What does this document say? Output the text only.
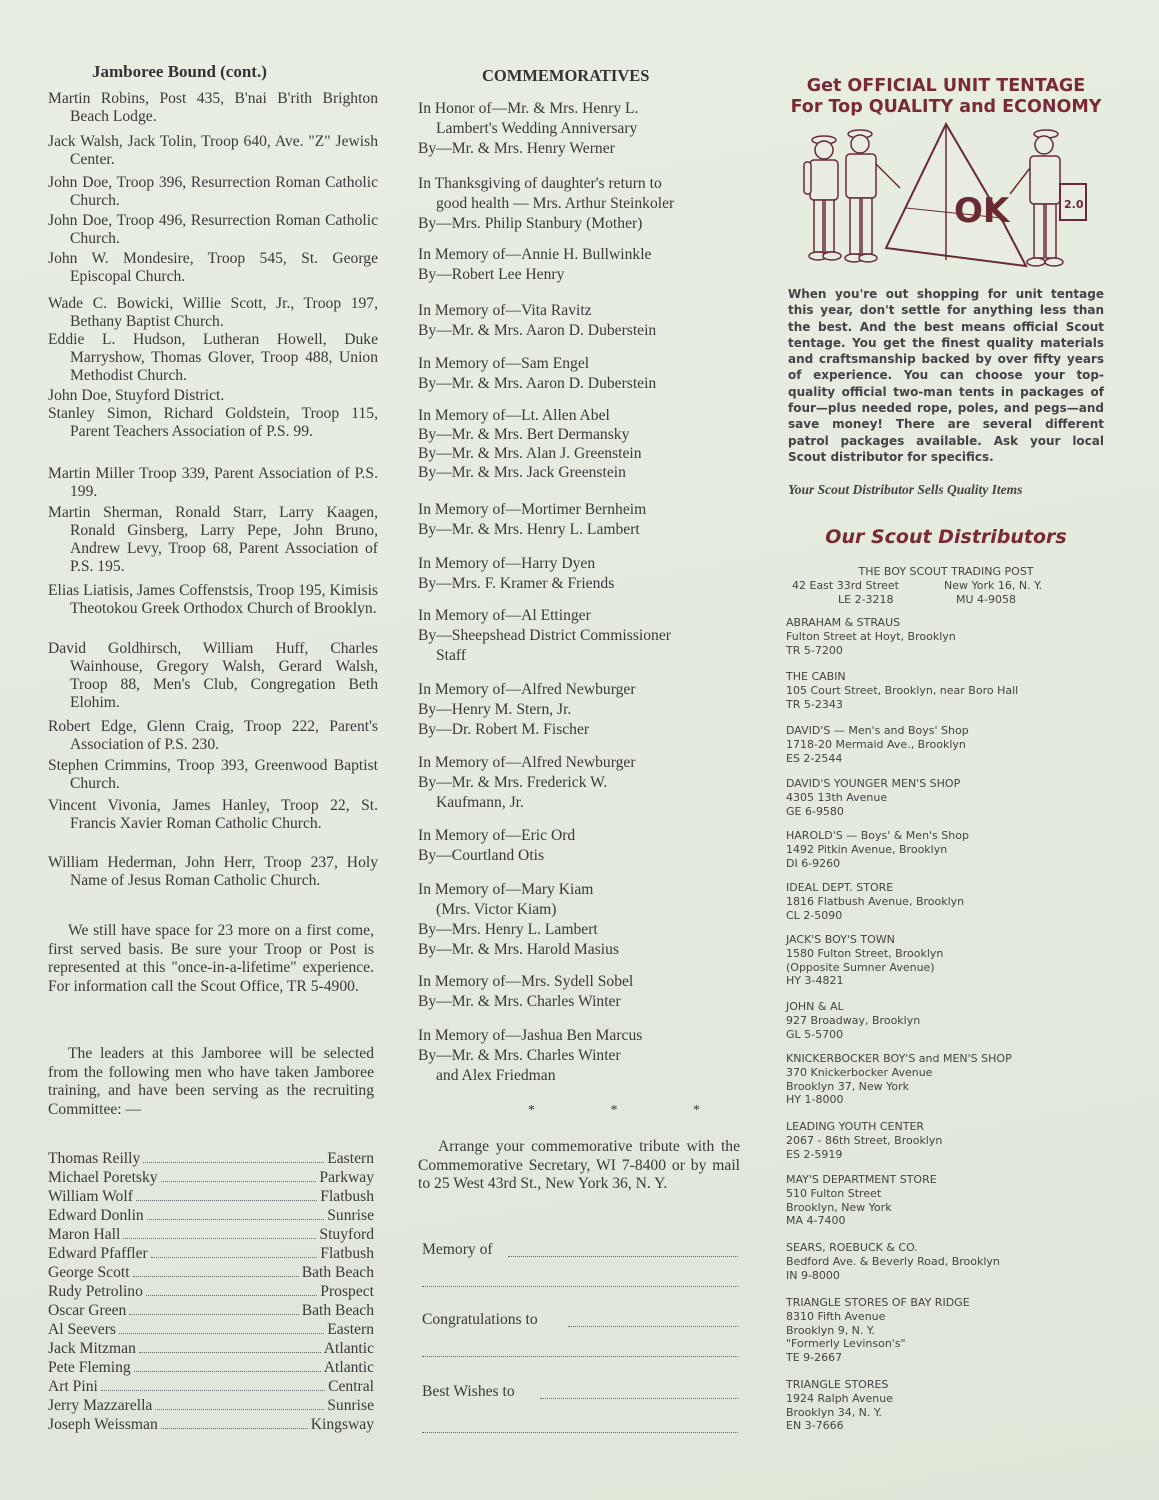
Jamboree Bound (cont.)
Martin Robins, Post 435, B'nai B'rith Brighton Beach Lodge.
Jack Walsh, Jack Tolin, Troop 640, Ave. "Z" Jewish Center.
John Doe, Troop 396, Resurrection Roman Catholic Church.
John Doe, Troop 496, Resurrection Roman Catholic Church.
John W. Mondesire, Troop 545, St. George Episcopal Church.
Wade C. Bowicki, Willie Scott, Jr., Troop 197, Bethany Baptist Church.
Eddie L. Hudson, Lutheran Howell, Duke Marryshow, Thomas Glover, Troop 488, Union Methodist Church.
John Doe, Stuyford District.
Stanley Simon, Richard Goldstein, Troop 115, Parent Teachers Association of P.S. 99.
Martin Miller Troop 339, Parent Association of P.S. 199.
Martin Sherman, Ronald Starr, Larry Kaagen, Ronald Ginsberg, Larry Pepe, John Bruno, Andrew Levy, Troop 68, Parent Association of P.S. 195.
Elias Liatisis, James Coffenstsis, Troop 195, Kimisis Theotokou Greek Orthodox Church of Brooklyn.
David Goldhirsch, William Huff, Charles Wainhouse, Gregory Walsh, Gerard Walsh, Troop 88, Men's Club, Congregation Beth Elohim.
Robert Edge, Glenn Craig, Troop 222, Parent's Association of P.S. 230.
Stephen Crimmins, Troop 393, Greenwood Baptist Church.
Vincent Vivonia, James Hanley, Troop 22, St. Francis Xavier Roman Catholic Church.
William Hederman, John Herr, Troop 237, Holy Name of Jesus Roman Catholic Church.
We still have space for 23 more on a first come, first served basis. Be sure your Troop or Post is represented at this "once-in-a-lifetime" experience. For information call the Scout Office, TR 5-4900.
The leaders at this Jamboree will be selected from the following men who have taken Jamboree training, and have been serving as the recruiting Committee: —
Thomas Reilly	Eastern
Michael Poretsky	Parkway
William Wolf	Flatbush
Edward Donlin	Sunrise
Maron Hall	Stuyford
Edward Pfaffler	Flatbush
George Scott	Bath Beach
Rudy Petrolino	Prospect
Oscar Green	Bath Beach
Al Seevers	Eastern
Jack Mitzman	Atlantic
Pete Fleming	Atlantic
Art Pini	Central
Jerry Mazzarella	Sunrise
Joseph Weissman	Kingsway
COMMEMORATIVES
In Honor of—Mr. & Mrs. Henry L.
Lambert's Wedding Anniversary
By—Mr. & Mrs. Henry Werner
In Thanksgiving of daughter's return to
good health — Mrs. Arthur Steinkoler
By—Mrs. Philip Stanbury (Mother)
In Memory of—Annie H. Bullwinkle
By—Robert Lee Henry
In Memory of—Vita Ravitz
By—Mr. & Mrs. Aaron D. Duberstein
In Memory of—Sam Engel
By—Mr. & Mrs. Aaron D. Duberstein
In Memory of—Lt. Allen Abel
By—Mr. & Mrs. Bert Dermansky
By—Mr. & Mrs. Alan J. Greenstein
By—Mr. & Mrs. Jack Greenstein
In Memory of—Mortimer Bernheim
By—Mr. & Mrs. Henry L. Lambert
In Memory of—Harry Dyen
By—Mrs. F. Kramer & Friends
In Memory of—Al Ettinger
By—Sheepshead District Commissioner
Staff
In Memory of—Alfred Newburger
By—Henry M. Stern, Jr.
By—Dr. Robert M. Fischer
In Memory of—Alfred Newburger
By—Mr. & Mrs. Frederick W.
Kaufmann, Jr.
In Memory of—Eric Ord
By—Courtland Otis
In Memory of—Mary Kiam
(Mrs. Victor Kiam)
By—Mrs. Henry L. Lambert
By—Mr. & Mrs. Harold Masius
In Memory of—Mrs. Sydell Sobel
By—Mr. & Mrs. Charles Winter
In Memory of—Jashua Ben Marcus
By—Mr. & Mrs. Charles Winter
and Alex Friedman
* * *
Arrange your commemorative tribute with the Commemorative Secretary, WI 7-8400 or by mail to 25 West 43rd St., New York 36, N. Y.
Memory of
Congratulations to
Best Wishes to
Get OFFICIAL UNIT TENTAGE
For Top QUALITY and ECONOMY
OK	2.0
When you're out shopping for unit tentage this year, don't settle for anything less than the best. And the best means official Scout tentage. You get the finest quality materials and craftsmanship backed by over fifty years of experience. You can choose your top-quality official two-man tents in packages of four—plus needed rope, poles, and pegs—and save money! There are several different patrol packages available. Ask your local Scout distributor for specifics.
Your Scout Distributor Sells Quality Items
Our Scout Distributors
THE BOY SCOUT TRADING POST
42 East 33rd Street	New York 16, N. Y.
LE 2-3218	MU 4-9058
ABRAHAM & STRAUS
Fulton Street at Hoyt, Brooklyn
TR 5-7200
THE CABIN
105 Court Street, Brooklyn, near Boro Hall
TR 5-2343
DAVID'S — Men's and Boys' Shop
1718-20 Mermaid Ave., Brooklyn
ES 2-2544
DAVID'S YOUNGER MEN'S SHOP
4305 13th Avenue
GE 6-9580
HAROLD'S — Boys' & Men's Shop
1492 Pitkin Avenue, Brooklyn
DI 6-9260
IDEAL DEPT. STORE
1816 Flatbush Avenue, Brooklyn
CL 2-5090
JACK'S BOY'S TOWN
1580 Fulton Street, Brooklyn
(Opposite Sumner Avenue)
HY 3-4821
JOHN & AL
927 Broadway, Brooklyn
GL 5-5700
KNICKERBOCKER BOY'S and MEN'S SHOP
370 Knickerbocker Avenue
Brooklyn 37, New York
HY 1-8000
LEADING YOUTH CENTER
2067 - 86th Street, Brooklyn
ES 2-5919
MAY'S DEPARTMENT STORE
510 Fulton Street
Brooklyn, New York
MA 4-7400
SEARS, ROEBUCK & CO.
Bedford Ave. & Beverly Road, Brooklyn
IN 9-8000
TRIANGLE STORES OF BAY RIDGE
8310 Fifth Avenue
Brooklyn 9, N. Y.
"Formerly Levinson's"
TE 9-2667
TRIANGLE STORES
1924 Ralph Avenue
Brooklyn 34, N. Y.
EN 3-7666
